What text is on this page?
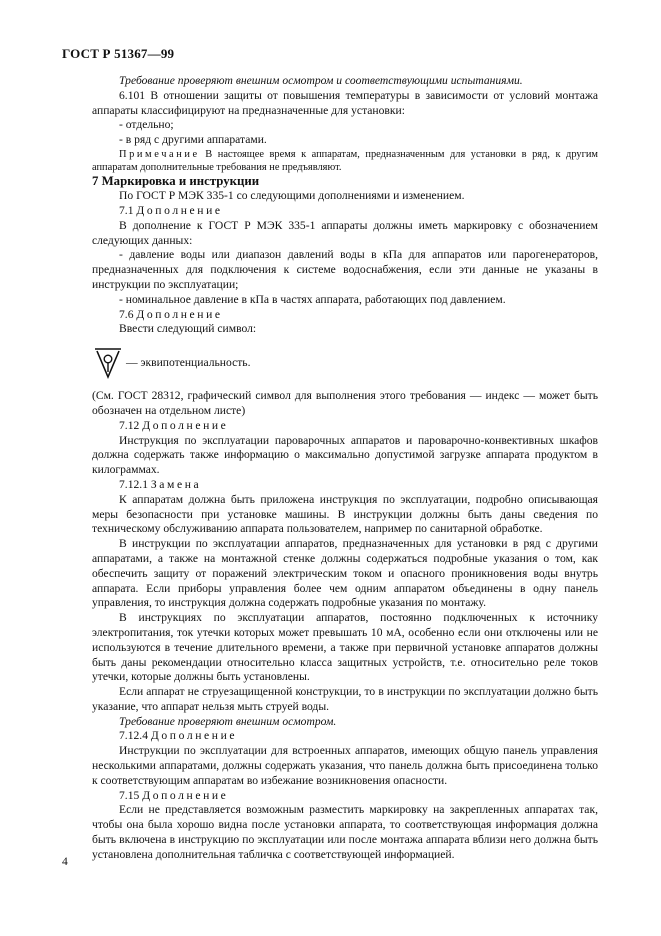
ГОСТ Р 51367—99

Требование проверяют внешним осмотром и соответствующими испытаниями.

6.101 В отношении защиты от повышения температуры в зависимости от условий монтажа аппараты классифицируют на предназначенные для установки:

- отдельно;

- в ряд с другими аппаратами.

Примечание В настоящее время к аппаратам, предназначенным для установки в ряд, к другим аппаратам дополнительные требования не предъявляют.

7 Маркировка и инструкции

По ГОСТ Р МЭК 335-1 со следующими дополнениями и изменением.

7.1 Дополнение

В дополнение к ГОСТ Р МЭК 335-1 аппараты должны иметь маркировку с обозначением следующих данных:

- давление воды или диапазон давлений воды в кПа для аппаратов или парогенераторов, предназначенных для подключения к системе водоснабжения, если эти данные не указаны в инструкции по эксплуатации;

- номинальное давление в кПа в частях аппарата, работающих под давлением.

7.6 Дополнение

Ввести следующий символ:

— эквипотенциальность.

(См. ГОСТ 28312, графический символ для выполнения этого требования — индекс — может быть обозначен на отдельном листе)

7.12 Дополнение

Инструкция по эксплуатации пароварочных аппаратов и пароварочно-конвективных шкафов должна содержать также информацию о максимально допустимой загрузке аппарата продуктом в килограммах.

7.12.1 Замена

К аппаратам должна быть приложена инструкция по эксплуатации, подробно описывающая меры безопасности при установке машины. В инструкции должны быть даны сведения по техническому обслуживанию аппарата пользователем, например по санитарной обработке.

В инструкции по эксплуатации аппаратов, предназначенных для установки в ряд с другими аппаратами, а также на монтажной стенке должны содержаться подробные указания о том, как обеспечить защиту от поражений электрическим током и опасного проникновения воды внутрь аппарата. Если приборы управления более чем одним аппаратом объединены в одну панель управления, то инструкция должна содержать подробные указания по монтажу.

В инструкциях по эксплуатации аппаратов, постоянно подключенных к источнику электропитания, ток утечки которых может превышать 10 мА, особенно если они отключены или не используются в течение длительного времени, а также при первичной установке аппаратов должны быть даны рекомендации относительно класса защитных устройств, т.е. относительно реле токов утечки, которые должны быть установлены.

Если аппарат не струезащищенной конструкции, то в инструкции по эксплуатации должно быть указание, что аппарат нельзя мыть струей воды.

Требование проверяют внешним осмотром.

7.12.4 Дополнение

Инструкции по эксплуатации для встроенных аппаратов, имеющих общую панель управления несколькими аппаратами, должны содержать указания, что панель должна быть присоединена только к соответствующим аппаратам во избежание возникновения опасности.

7.15 Дополнение

Если не представляется возможным разместить маркировку на закрепленных аппаратах так, чтобы она была хорошо видна после установки аппарата, то соответствующая информация должна быть включена в инструкцию по эксплуатации или после монтажа аппарата вблизи него должна быть установлена дополнительная табличка с соответствующей информацией.

4
